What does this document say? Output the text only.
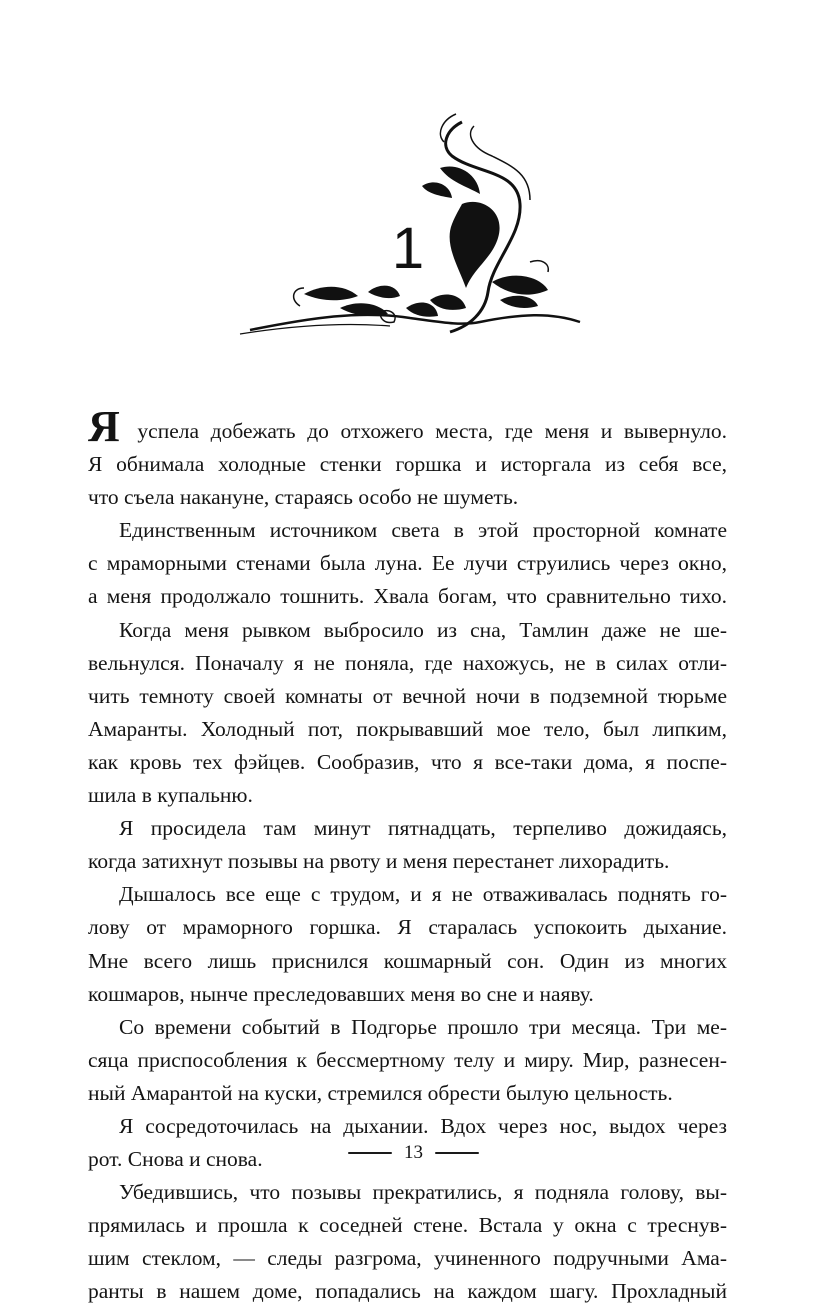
1

Я успела добежать до отхожего места, где меня и вывернуло.

Я обнимала холодные стенки горшка и исторгала из себя все,

что съела накануне, стараясь особо не шуметь.

Единственным источником света в этой просторной комнате

с мраморными стенами была луна. Ее лучи струились через окно,

а меня продолжало тошнить. Хвала богам, что сравнительно тихо.

Когда меня рывком выбросило из сна, Тамлин даже не ше-

вельнулся. Поначалу я не поняла, где нахожусь, не в силах отли-

чить темноту своей комнаты от вечной ночи в подземной тюрьме

Амаранты. Холодный пот, покрывавший мое тело, был липким,

как кровь тех фэйцев. Сообразив, что я все-таки дома, я поспе-

шила в купальню.

Я просидела там минут пятнадцать, терпеливо дожидаясь,

когда затихнут позывы на рвоту и меня перестанет лихорадить.

Дышалось все еще с трудом, и я не отваживалась поднять го-

лову от мраморного горшка. Я старалась успокоить дыхание.

Мне всего лишь приснился кошмарный сон. Один из многих

кошмаров, нынче преследовавших меня во сне и наяву.

Со времени событий в Подгорье прошло три месяца. Три ме-

сяца приспособления к бессмертному телу и миру. Мир, разнесен-

ный Амарантой на куски, стремился обрести былую цельность.

Я сосредоточилась на дыхании. Вдох через нос, выдох через

рот. Снова и снова.

Убедившись, что позывы прекратились, я подняла голову, вы-

прямилась и прошла к соседней стене. Встала у окна с треснув-

шим стеклом, — следы разгрома, учиненного подручными Ама-

ранты в нашем доме, попадались на каждом шагу. Прохладный

13
